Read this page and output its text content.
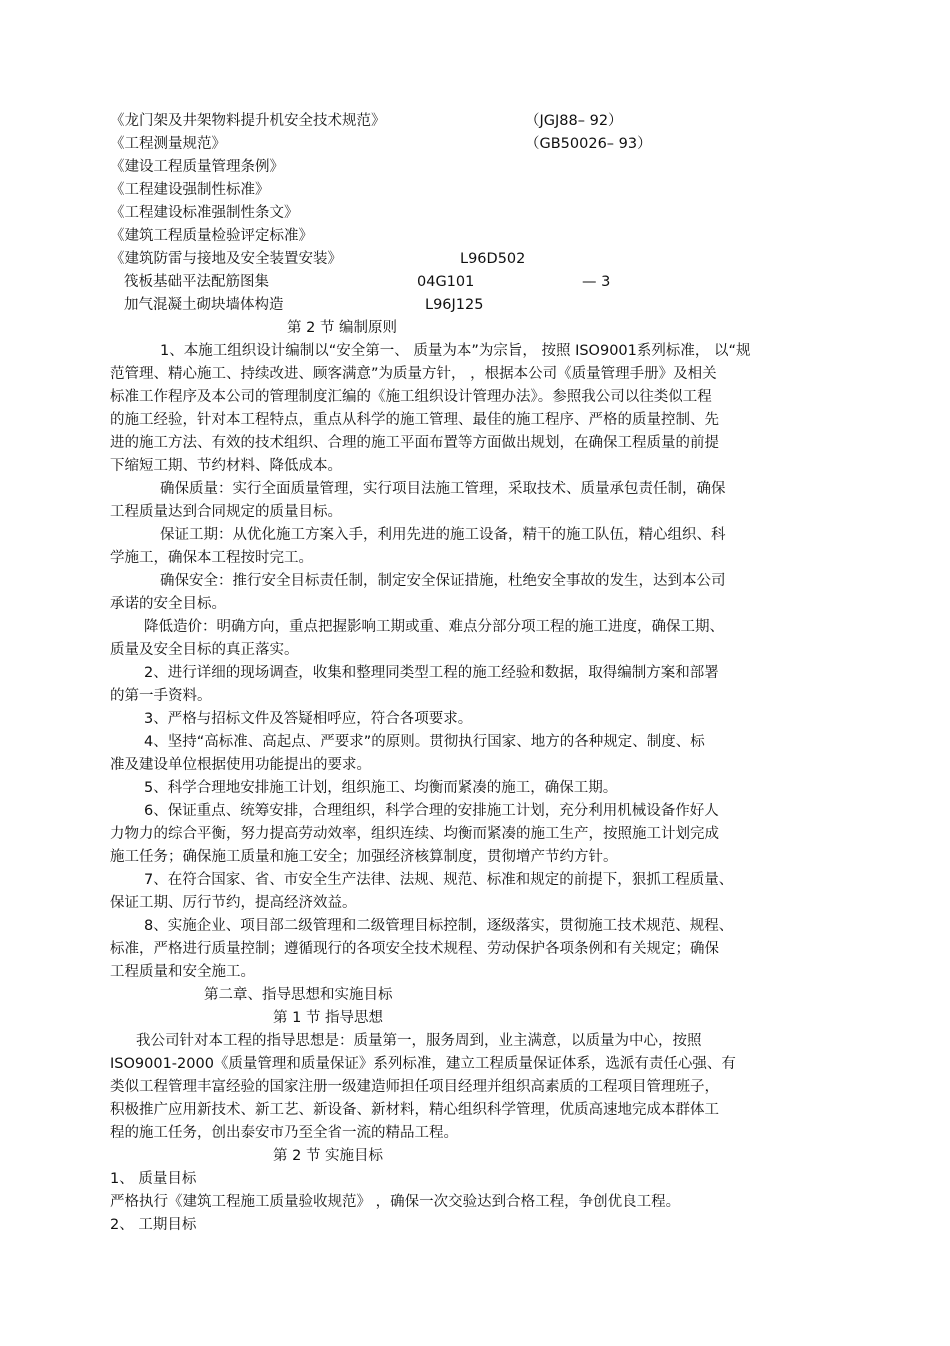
《龙门架及井架物料提升机安全技术规范》	（JGJ88– 92）
《工程测量规范》	（GB50026– 93）
《建设工程质量管理条例》
《工程建设强制性标准》
《工程建设标准强制性条文》
《建筑工程质量检验评定标准》
《建筑防雷与接地及安全装置安装》	L96D502
筏板基础平法配筋图集	04G101	— 3
加气混凝土砌块墙体构造	L96J125
第 2 节 编制原则
1、本施工组织设计编制以“安全第一、 质量为本”为宗旨， 按照 ISO9001系列标准， 以“规
范管理、精心施工、持续改进、顾客满意”为质量方针， ，根据本公司《质量管理手册》及相关
标准工作程序及本公司的管理制度汇编的《施工组织设计管理办法》。参照我公司以往类似工程
的施工经验，针对本工程特点，重点从科学的施工管理、最佳的施工程序、严格的质量控制、先
进的施工方法、有效的技术组织、合理的施工平面布置等方面做出规划，在确保工程质量的前提
下缩短工期、节约材料、降低成本。
确保质量：实行全面质量管理，实行项目法施工管理，采取技术、质量承包责任制，确保
工程质量达到合同规定的质量目标。
保证工期：从优化施工方案入手，利用先进的施工设备，精干的施工队伍，精心组织、科
学施工，确保本工程按时完工。
确保安全：推行安全目标责任制，制定安全保证措施，杜绝安全事故的发生，达到本公司
承诺的安全目标。
降低造价：明确方向，重点把握影响工期或重、难点分部分项工程的施工进度，确保工期、
质量及安全目标的真正落实。
2、进行详细的现场调查，收集和整理同类型工程的施工经验和数据，取得编制方案和部署
的第一手资料。
3、严格与招标文件及答疑相呼应，符合各项要求。
4、坚持“高标准、高起点、严要求”的原则。贯彻执行国家、地方的各种规定、制度、标
准及建设单位根据使用功能提出的要求。
5、科学合理地安排施工计划，组织施工、均衡而紧凑的施工，确保工期。
6、保证重点、统筹安排，合理组织，科学合理的安排施工计划，充分利用机械设备作好人
力物力的综合平衡，努力提高劳动效率，组织连续、均衡而紧凑的施工生产，按照施工计划完成
施工任务；确保施工质量和施工安全；加强经济核算制度，贯彻增产节约方针。
7、在符合国家、省、市安全生产法律、法规、规范、标准和规定的前提下，狠抓工程质量、
保证工期、厉行节约，提高经济效益。
8、实施企业、项目部二级管理和二级管理目标控制，逐级落实，贯彻施工技术规范、规程、
标准，严格进行质量控制；遵循现行的各项安全技术规程、劳动保护各项条例和有关规定；确保
工程质量和安全施工。
第二章、指导思想和实施目标
第 1 节 指导思想
我公司针对本工程的指导思想是：质量第一，服务周到，业主满意，以质量为中心，按照
ISO9001-2000《质量管理和质量保证》系列标准，建立工程质量保证体系，选派有责任心强、有
类似工程管理丰富经验的国家注册一级建造师担任项目经理并组织高素质的工程项目管理班子，
积极推广应用新技术、新工艺、新设备、新材料，精心组织科学管理，优质高速地完成本群体工
程的施工任务，创出泰安市乃至全省一流的精品工程。
第 2 节 实施目标
1、 质量目标
严格执行《建筑工程施工质量验收规范》 ，确保一次交验达到合格工程，争创优良工程。
2、 工期目标
